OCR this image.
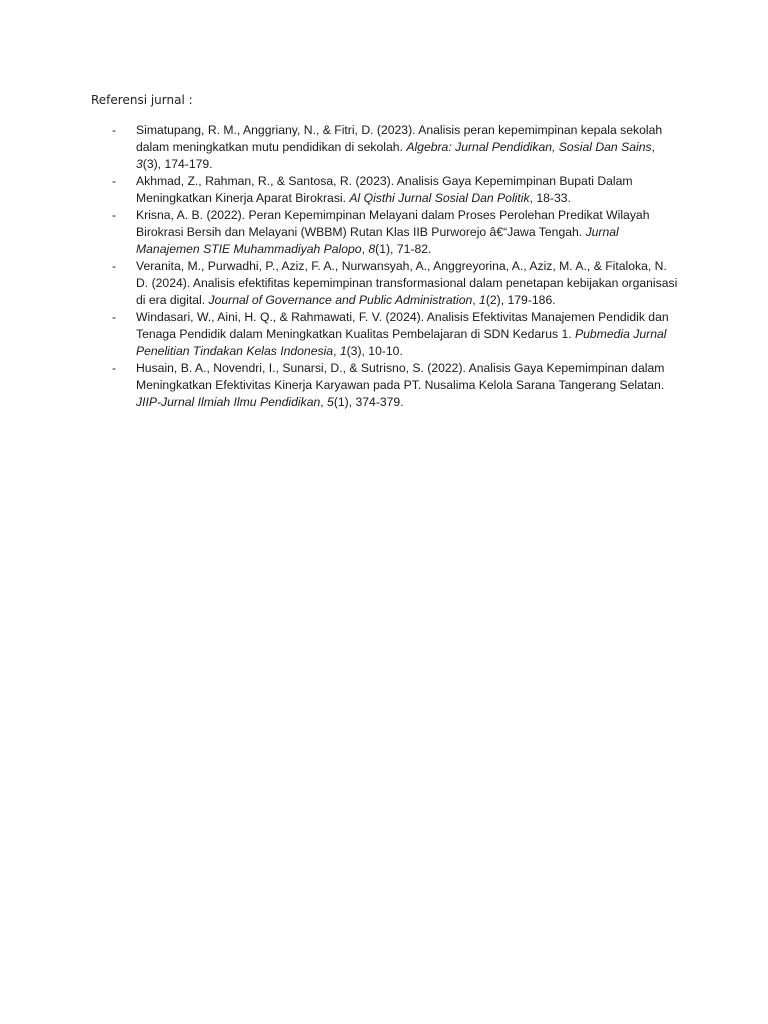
Referensi jurnal :

-	Simatupang, R. M., Anggriany, N., & Fitri, D. (2023). Analisis peran kepemimpinan kepala sekolah dalam meningkatkan mutu pendidikan di sekolah. Algebra: Jurnal Pendidikan, Sosial Dan Sains, 3(3), 174-179.
-	Akhmad, Z., Rahman, R., & Santosa, R. (2023). Analisis Gaya Kepemimpinan Bupati Dalam Meningkatkan Kinerja Aparat Birokrasi. Al Qisthi Jurnal Sosial Dan Politik, 18-33.
-	Krisna, A. B. (2022). Peran Kepemimpinan Melayani dalam Proses Perolehan Predikat Wilayah Birokrasi Bersih dan Melayani (WBBM) Rutan Klas IIB Purworejo â€“Jawa Tengah. Jurnal Manajemen STIE Muhammadiyah Palopo, 8(1), 71-82.
-	Veranita, M., Purwadhi, P., Aziz, F. A., Nurwansyah, A., Anggreyorina, A., Aziz, M. A., & Fitaloka, N. D. (2024). Analisis efektifitas kepemimpinan transformasional dalam penetapan kebijakan organisasi di era digital. Journal of Governance and Public Administration, 1(2), 179-186.
-	Windasari, W., Aini, H. Q., & Rahmawati, F. V. (2024). Analisis Efektivitas Manajemen Pendidik dan Tenaga Pendidik dalam Meningkatkan Kualitas Pembelajaran di SDN Kedarus 1. Pubmedia Jurnal Penelitian Tindakan Kelas Indonesia, 1(3), 10-10.
-	Husain, B. A., Novendri, I., Sunarsi, D., & Sutrisno, S. (2022). Analisis Gaya Kepemimpinan dalam Meningkatkan Efektivitas Kinerja Karyawan pada PT. Nusalima Kelola Sarana Tangerang Selatan. JIIP-Jurnal Ilmiah Ilmu Pendidikan, 5(1), 374-379.
